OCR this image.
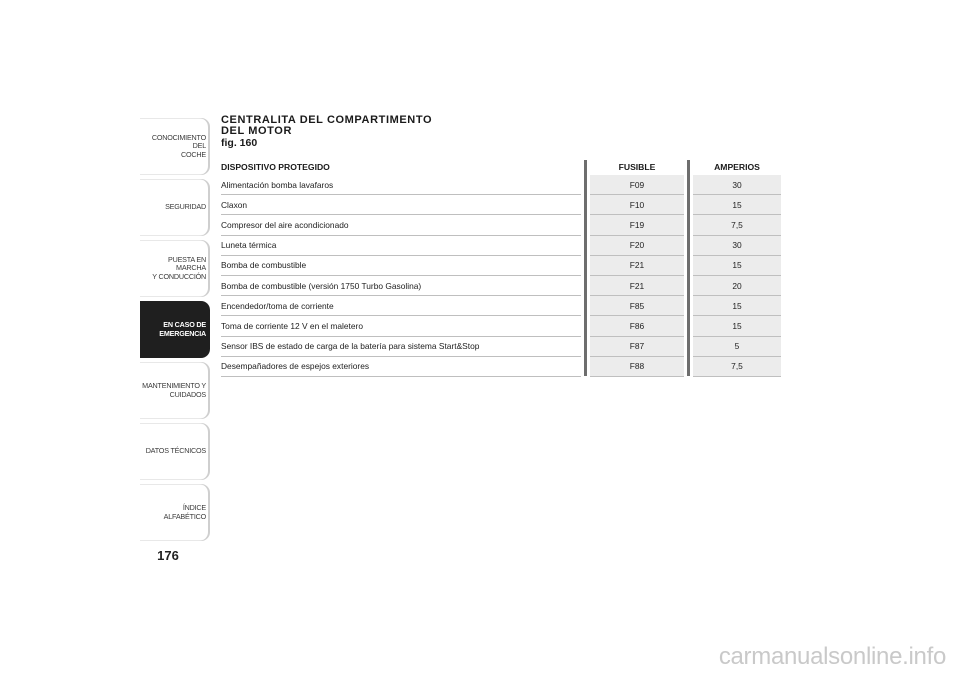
CONOCIMIENTO DEL
COCHE
SEGURIDAD
PUESTA EN MARCHA
Y CONDUCCIÓN
EN CASO DE
EMERGENCIA
MANTENIMIENTO Y
CUIDADOS
DATOS TÉCNICOS
ÍNDICE ALFABÉTICO
176
CENTRALITA DEL COMPARTIMENTO
DEL MOTOR
fig. 160
DISPOSITIVO PROTEGIDO		FUSIBLE		AMPERIOS
Alimentación bomba lavafaros		F09		30
Claxon		F10		15
Compresor del aire acondicionado		F19		7,5
Luneta térmica		F20		30
Bomba de combustible		F21		15
Bomba de combustible (versión 1750 Turbo Gasolina)		F21		20
Encendedor/toma de corriente		F85		15
Toma de corriente 12 V en el maletero		F86		15
Sensor IBS de estado de carga de la batería para sistema Start&Stop		F87		5
Desempañadores de espejos exteriores		F88		7,5
carmanualsonline.info
